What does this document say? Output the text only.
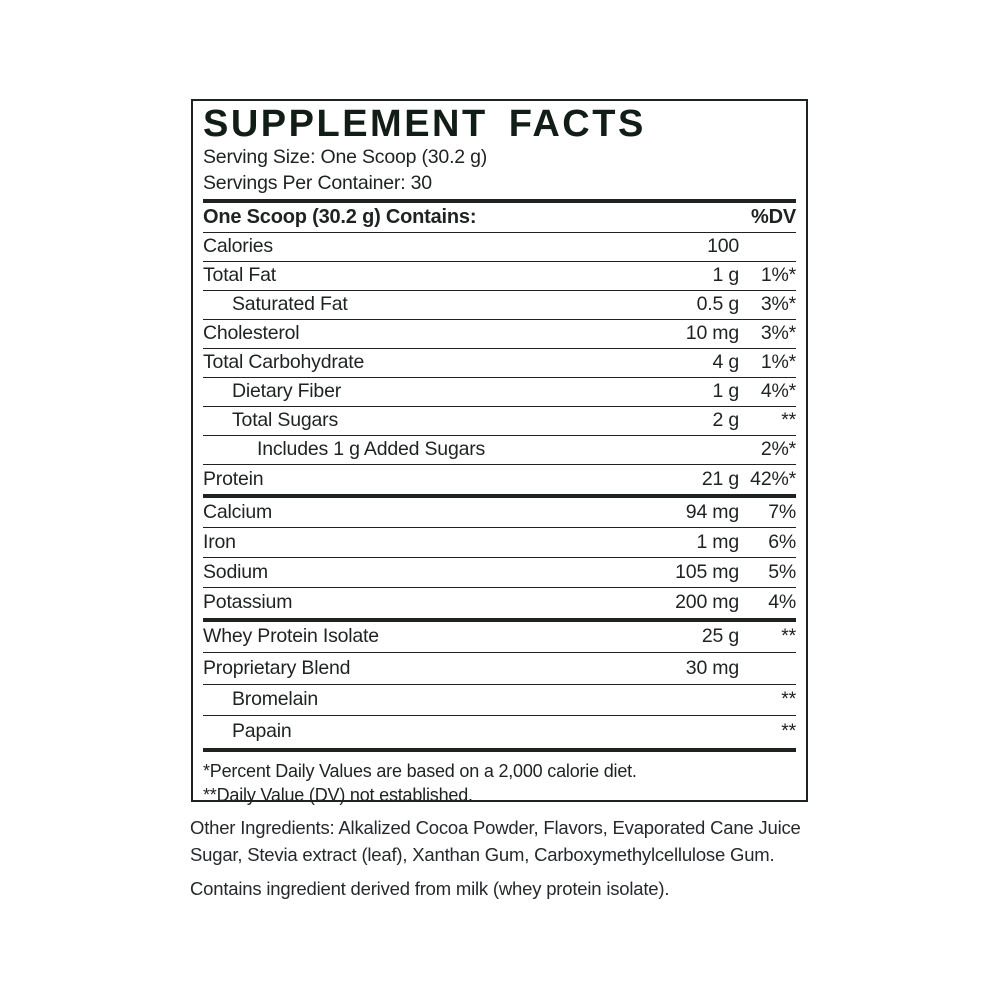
SUPPLEMENT FACTS
Serving Size: One Scoop (30.2 g)
Servings Per Container: 30
One Scoop (30.2 g) Contains:	%DV
Calories	100
Total Fat	1 g	1%*
Saturated Fat	0.5 g	3%*
Cholesterol	10 mg	3%*
Total Carbohydrate	4 g	1%*
Dietary Fiber	1 g	4%*
Total Sugars	2 g	**
Includes 1 g Added Sugars	2%*
Protein	21 g 42%*
Calcium	94 mg	7%
Iron	1 mg	6%
Sodium	105 mg	5%
Potassium	200 mg	4%
Whey Protein Isolate	25 g	**
Proprietary Blend	30 mg
Bromelain	**
Papain	**
*Percent Daily Values are based on a 2,000 calorie diet.
**Daily Value (DV) not established.
Other Ingredients: Alkalized Cocoa Powder, Flavors, Evaporated Cane Juice
Sugar, Stevia extract (leaf), Xanthan Gum, Carboxymethylcellulose Gum.
Contains ingredient derived from milk (whey protein isolate).
